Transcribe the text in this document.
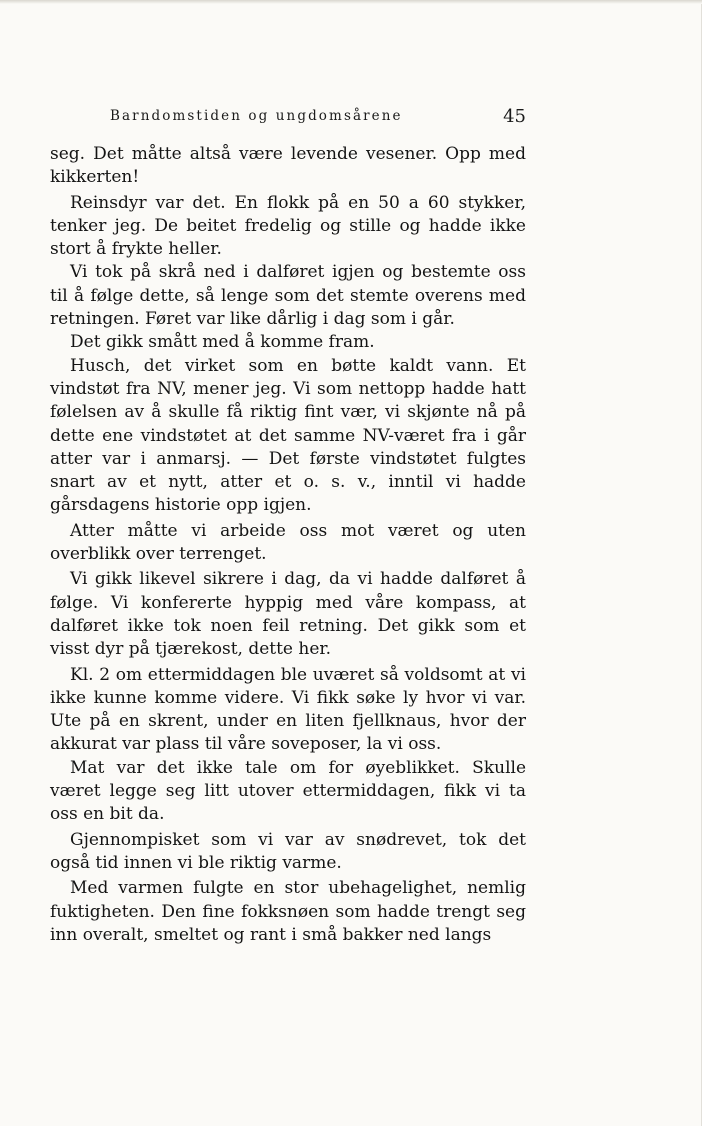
Barndomstiden og ungdomsårene	45

seg. Det måtte altså være levende vesener. Opp med kikkerten!

Reinsdyr var det. En flokk på en 50 a 60 stykker, tenker jeg. De beitet fredelig og stille og hadde ikke stort å frykte heller.

Vi tok på skrå ned i dalføret igjen og bestemte oss til å følge dette, så lenge som det stemte overens med retningen. Føret var like dårlig i dag som i går.

Det gikk smått med å komme fram.

Husch, det virket som en bøtte kaldt vann. Et vindstøt fra NV, mener jeg. Vi som nettopp hadde hatt følelsen av å skulle få riktig fint vær, vi skjønte nå på dette ene vindstøtet at det samme NV-været fra i går atter var i anmarsj. — Det første vindstøtet fulgtes snart av et nytt, atter et o. s. v., inntil vi hadde gårsdagens historie opp igjen.

Atter måtte vi arbeide oss mot været og uten overblikk over terrenget.

Vi gikk likevel sikrere i dag, da vi hadde dalføret å følge. Vi konfererte hyppig med våre kompass, at dalføret ikke tok noen feil retning. Det gikk som et visst dyr på tjærekost, dette her.

Kl. 2 om ettermiddagen ble uværet så voldsomt at vi ikke kunne komme videre. Vi fikk søke ly hvor vi var. Ute på en skrent, under en liten fjellknaus, hvor der akkurat var plass til våre soveposer, la vi oss.

Mat var det ikke tale om for øyeblikket. Skulle været legge seg litt utover ettermiddagen, fikk vi ta oss en bit da.

Gjennompisket som vi var av snødrevet, tok det også tid innen vi ble riktig varme.

Med varmen fulgte en stor ubehagelighet, nemlig fuktigheten. Den fine fokksnøen som hadde trengt seg inn overalt, smeltet og rant i små bakker ned langs
